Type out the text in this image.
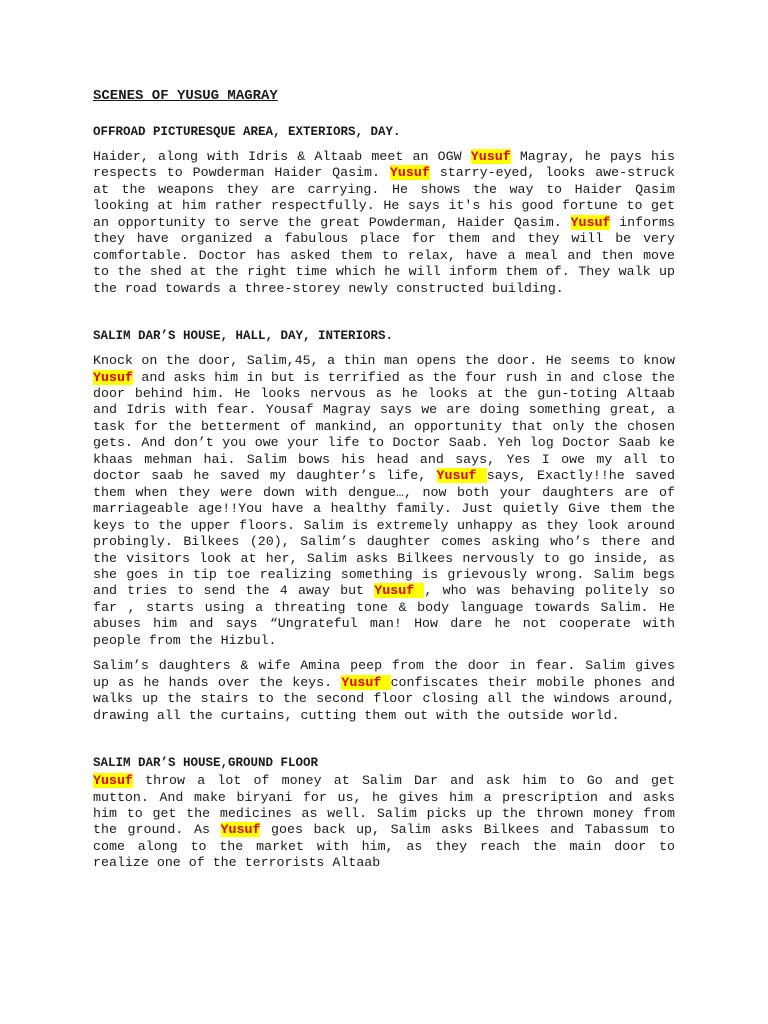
SCENES OF YUSUG MAGRAY
OFFROAD PICTURESQUE AREA, EXTERIORS, DAY.
Haider, along with Idris & Altaab meet an OGW Yusuf Magray, he pays his respects to Powderman Haider Qasim. Yusuf starry-eyed, looks awe-struck at the weapons they are carrying. He shows the way to Haider Qasim looking at him rather respectfully. He says it's his good fortune to get an opportunity to serve the great Powderman, Haider Qasim. Yusuf informs they have organized a fabulous place for them and they will be very comfortable. Doctor has asked them to relax, have a meal and then move to the shed at the right time which he will inform them of. They walk up the road towards a three-storey newly constructed building.
SALIM DAR’S HOUSE, HALL, DAY, INTERIORS.
Knock on the door, Salim,45, a thin man opens the door. He seems to know Yusuf and asks him in but is terrified as the four rush in and close the door behind him. He looks nervous as he looks at the gun-toting Altaab and Idris with fear. Yousaf Magray says we are doing something great, a task for the betterment of mankind, an opportunity that only the chosen gets. And don’t you owe your life to Doctor Saab. Yeh log Doctor Saab ke khaas mehman hai. Salim bows his head and says, Yes I owe my all to doctor saab he saved my daughter’s life, Yusuf says, Exactly!!he saved them when they were down with dengue…, now both your daughters are of marriageable age!!You have a healthy family. Just quietly Give them the keys to the upper floors. Salim is extremely unhappy as they look around probingly. Bilkees (20), Salim’s daughter comes asking who’s there and the visitors look at her, Salim asks Bilkees nervously to go inside, as she goes in tip toe realizing something is grievously wrong. Salim begs and tries to send the 4 away but Yusuf , who was behaving politely so far , starts using a threating tone & body language towards Salim. He abuses him and says “Ungrateful man! How dare he not cooperate with people from the Hizbul.
Salim’s daughters & wife Amina peep from the door in fear. Salim gives up as he hands over the keys. Yusuf confiscates their mobile phones and walks up the stairs to the second floor closing all the windows around, drawing all the curtains, cutting them out with the outside world.
SALIM DAR’S HOUSE,GROUND FLOOR
Yusuf throw a lot of money at Salim Dar and ask him to Go and get mutton. And make biryani for us, he gives him a prescription and asks him to get the medicines as well. Salim picks up the thrown money from the ground. As Yusuf goes back up, Salim asks Bilkees and Tabassum to come along to the market with him, as they reach the main door to realize one of the terrorists Altaab
